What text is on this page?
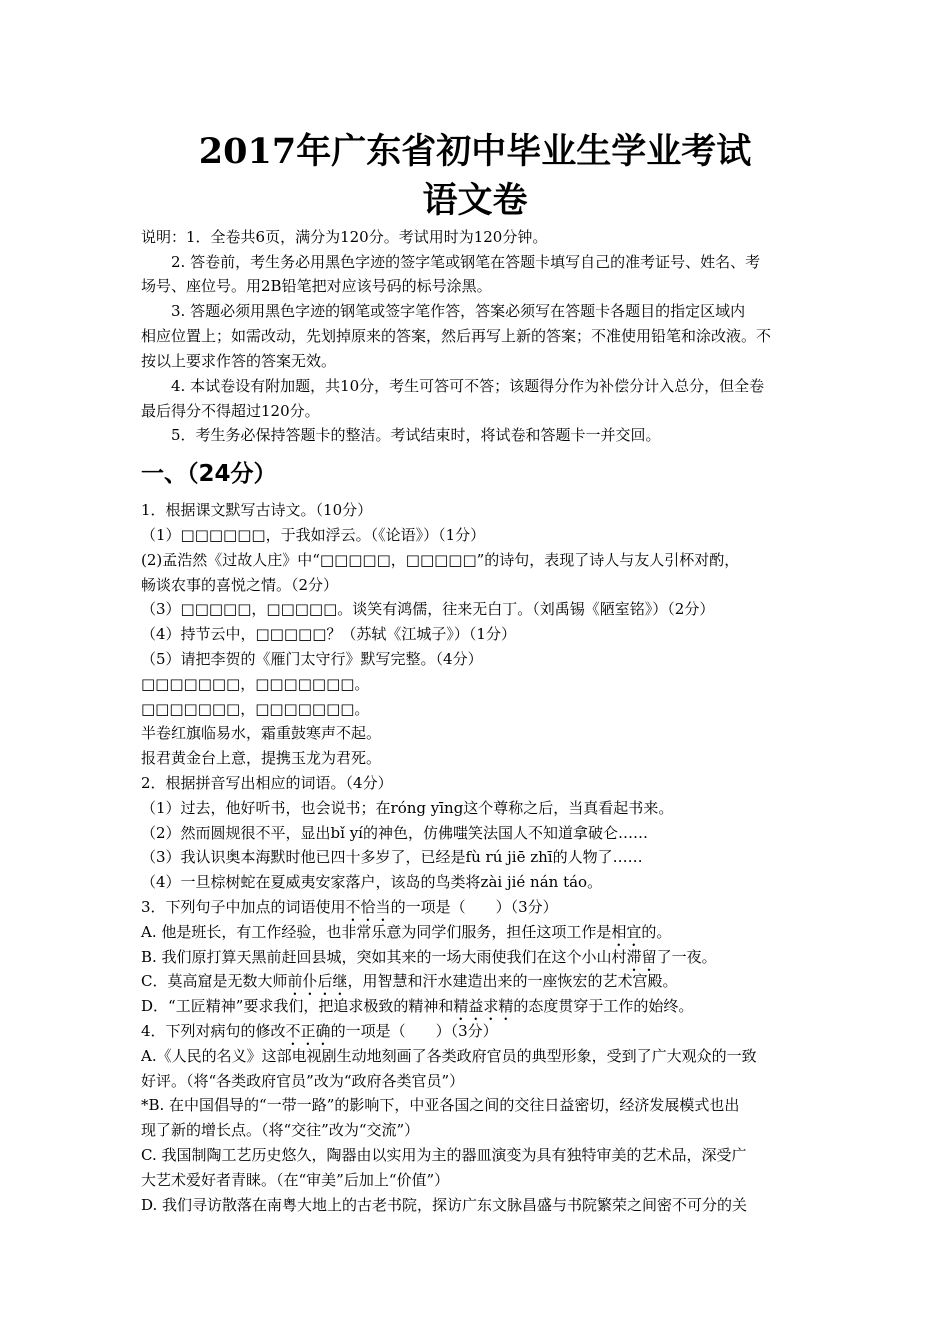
2017年广东省初中毕业生学业考试
语文卷
说明：1．全卷共6页，满分为120分。考试用时为120分钟。
2. 答卷前，考生务必用黑色字迹的签字笔或钢笔在答题卡填写自己的准考证号、姓名、考
场号、座位号。用2B铅笔把对应该号码的标号涂黑。
3. 答题必须用黑色字迹的钢笔或签字笔作答，答案必须写在答题卡各题目的指定区域内
相应位置上；如需改动，先划掉原来的答案，然后再写上新的答案；不准使用铅笔和涂改液。不
按以上要求作答的答案无效。
4. 本试卷设有附加题，共10分，考生可答可不答；该题得分作为补偿分计入总分，但全卷
最后得分不得超过120分。
5．考生务必保持答题卡的整洁。考试结束时，将试卷和答题卡一并交回。
一、（24分）
1．根据课文默写古诗文。（10分）
（1）□□□□□□，于我如浮云。（《论语》）（1分）
(2)孟浩然《过故人庄》中“□□□□□，□□□□□”的诗句，表现了诗人与友人引杯对酌，
畅谈农事的喜悦之情。（2分）
（3）□□□□□，□□□□□。谈笑有鸿儒，往来无白丁。（刘禹锡《陋室铭》）（2分）
（4）持节云中，□□□□□？（苏轼《江城子》）（1分）
（5）请把李贺的《雁门太守行》默写完整。（4分）
□□□□□□□，□□□□□□□。
□□□□□□□，□□□□□□□。
半卷红旗临易水，霜重鼓寒声不起。
报君黄金台上意，提携玉龙为君死。
2．根据拼音写出相应的词语。（4分）
（1）过去，他好听书，也会说书；在róng yīng这个尊称之后，当真看起书来。
（2）然而圆规很不平，显出bǐ yí的神色，仿佛嗤笑法国人不知道拿破仑……
（3）我认识奥本海默时他已四十多岁了，已经是fù rú jiē zhī的人物了……
（4）一旦棕树蛇在夏威夷安家落户，该岛的鸟类将zài jié nán táo。
3．下列句子中加点的词语使用不恰当的一项是（　　）（3分）
A. 他是班长，有工作经验，也非常乐意为同学们服务，担任这项工作是相宜的。
B. 我们原打算天黑前赶回县城，突如其来的一场大雨使我们在这个小山村滞留了一夜。
C．莫高窟是无数大师前仆后继，用智慧和汗水建造出来的一座恢宏的艺术宫殿。
D．“工匠精神”要求我们，把追求极致的精神和精益求精的态度贯穿于工作的始终。
4．下列对病句的修改不正确的一项是（　　）（3分）
A.《人民的名义》这部电视剧生动地刻画了各类政府官员的典型形象，受到了广大观众的一致
好评。（将“各类政府官员”改为“政府各类官员”）
*B. 在中国倡导的“一带一路”的影响下，中亚各国之间的交往日益密切，经济发展模式也出
现了新的增长点。（将“交往”改为“交流”）
C. 我国制陶工艺历史悠久，陶器由以实用为主的器皿演变为具有独特审美的艺术品，深受广
大艺术爱好者青睐。（在“审美”后加上“价值”）
D. 我们寻访散落在南粤大地上的古老书院，探访广东文脉昌盛与书院繁荣之间密不可分的关
